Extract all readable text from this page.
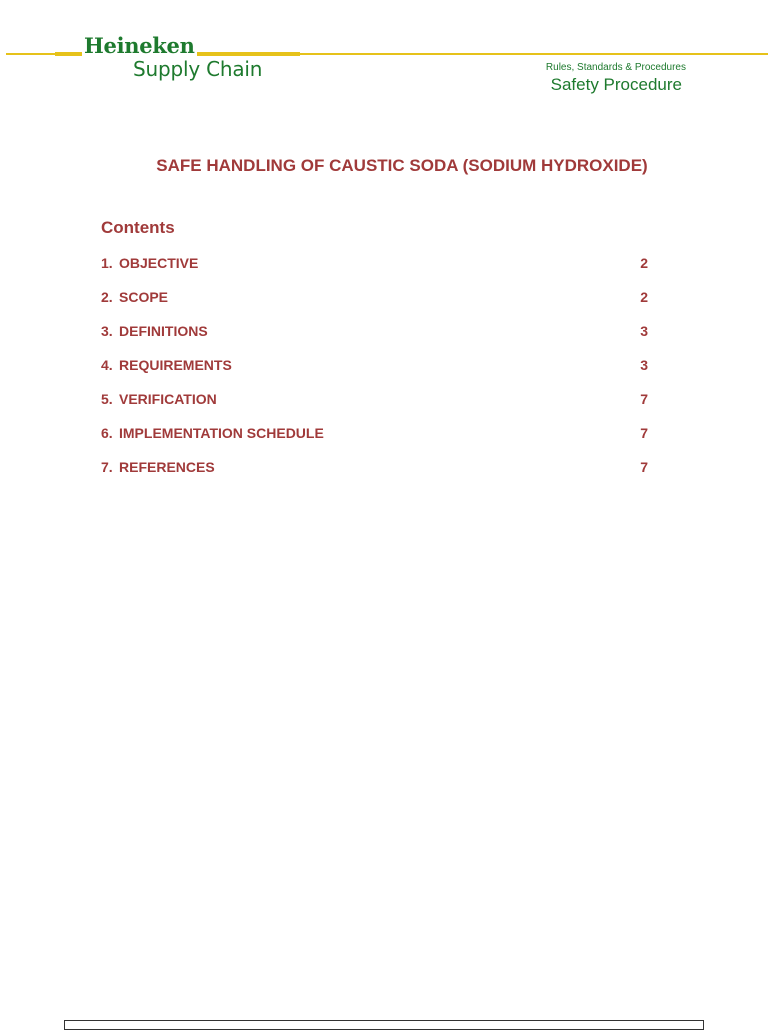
Heineken
Supply Chain	Rules, Standards & Procedures
Safety Procedure
SAFE HANDLING OF CAUSTIC SODA (SODIUM HYDROXIDE)
Contents
1. OBJECTIVE	2
2. SCOPE	2
3. DEFINITIONS	3
4. REQUIREMENTS	3
5. VERIFICATION	7
6. IMPLEMENTATION SCHEDULE	7
7. REFERENCES	7
